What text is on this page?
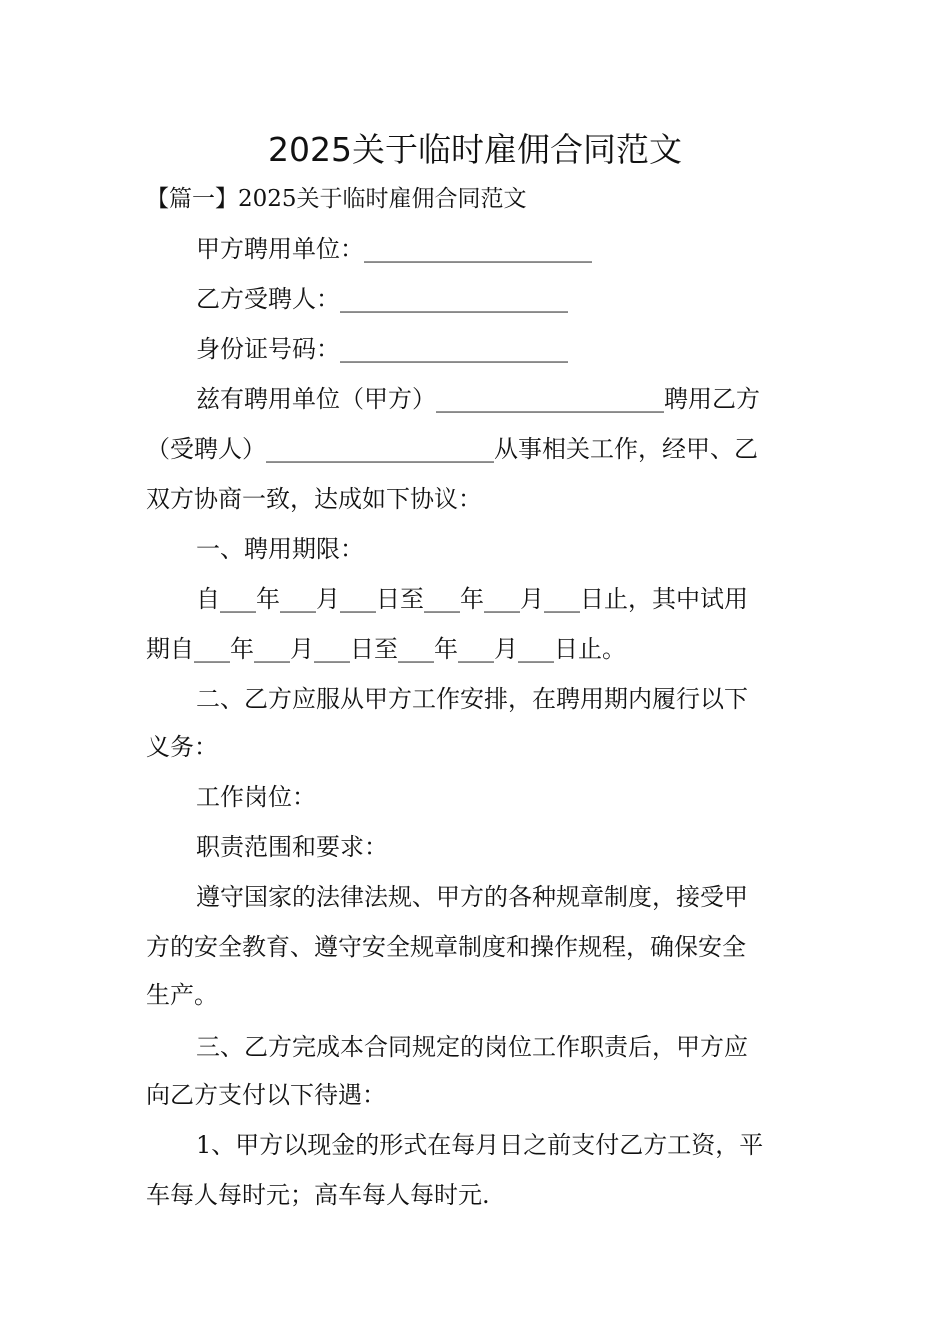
2025关于临时雇佣合同范文
【篇一】2025关于临时雇佣合同范文
甲方聘用单位：___________________
乙方受聘人：___________________
身份证号码：___________________
兹有聘用单位（甲方）___________________聘用乙方
（受聘人）___________________从事相关工作，经甲、乙
双方协商一致，达成如下协议：
一、聘用期限：
自___年___月___日至___年___月___日止，其中试用
期自___年___月___日至___年___月___日止。
二、乙方应服从甲方工作安排，在聘用期内履行以下
义务：
工作岗位：
职责范围和要求：
遵守国家的法律法规、甲方的各种规章制度，接受甲
方的安全教育、遵守安全规章制度和操作规程，确保安全
生产。
三、乙方完成本合同规定的岗位工作职责后，甲方应
向乙方支付以下待遇：
1、甲方以现金的形式在每月日之前支付乙方工资，平
车每人每时元；高车每人每时元.
